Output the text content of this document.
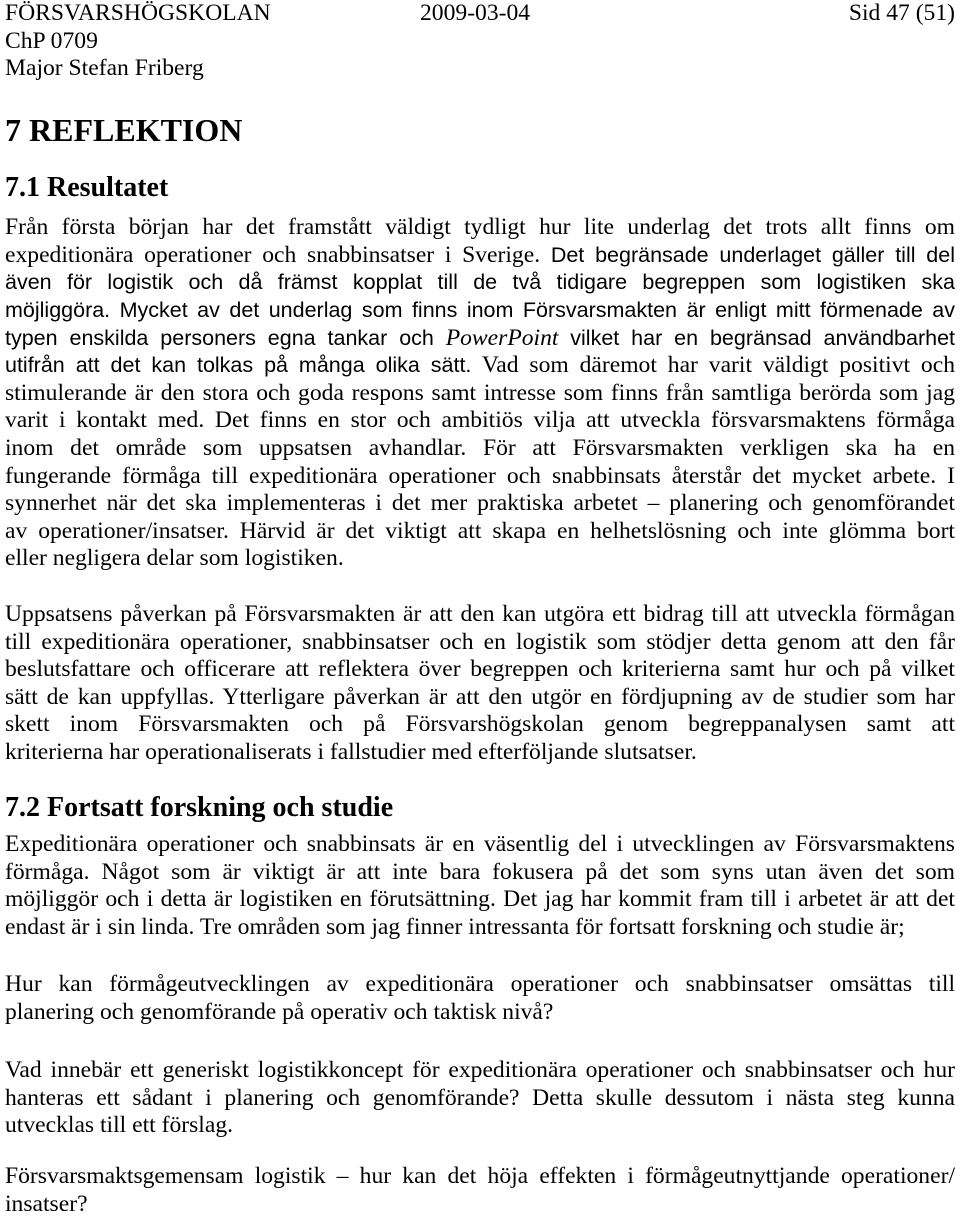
FÖRSVARSHÖGSKOLAN	2009-03-04	Sid 47 (51)
ChP 0709
Major Stefan Friberg
7 REFLEKTION
7.1 Resultatet
Från första början har det framstått väldigt tydligt hur lite underlag det trots allt finns om
expeditionära operationer och snabbinsatser i Sverige. Det begränsade underlaget gäller till del
även för logistik och då främst kopplat till de två tidigare begreppen som logistiken ska
möjliggöra. Mycket av det underlag som finns inom Försvarsmakten är enligt mitt förmenade av
typen enskilda personers egna tankar och PowerPoint vilket har en begränsad användbarhet
utifrån att det kan tolkas på många olika sätt. Vad som däremot har varit väldigt positivt och
stimulerande är den stora och goda respons samt intresse som finns från samtliga berörda som jag
varit i kontakt med. Det finns en stor och ambitiös vilja att utveckla försvarsmaktens förmåga
inom det område som uppsatsen avhandlar. För att Försvarsmakten verkligen ska ha en
fungerande förmåga till expeditionära operationer och snabbinsats återstår det mycket arbete. I
synnerhet när det ska implementeras i det mer praktiska arbetet – planering och genomförandet
av operationer/insatser. Härvid är det viktigt att skapa en helhetslösning och inte glömma bort
eller negligera delar som logistiken.
Uppsatsens påverkan på Försvarsmakten är att den kan utgöra ett bidrag till att utveckla förmågan
till expeditionära operationer, snabbinsatser och en logistik som stödjer detta genom att den får
beslutsfattare och officerare att reflektera över begreppen och kriterierna samt hur och på vilket
sätt de kan uppfyllas. Ytterligare påverkan är att den utgör en fördjupning av de studier som har
skett inom Försvarsmakten och på Försvarshögskolan genom begreppanalysen samt att
kriterierna har operationaliserats i fallstudier med efterföljande slutsatser.
7.2 Fortsatt forskning och studie
Expeditionära operationer och snabbinsats är en väsentlig del i utvecklingen av Försvarsmaktens
förmåga. Något som är viktigt är att inte bara fokusera på det som syns utan även det som
möjliggör och i detta är logistiken en förutsättning. Det jag har kommit fram till i arbetet är att det
endast är i sin linda. Tre områden som jag finner intressanta för fortsatt forskning och studie är;
Hur kan förmågeutvecklingen av expeditionära operationer och snabbinsatser omsättas till
planering och genomförande på operativ och taktisk nivå?
Vad innebär ett generiskt logistikkoncept för expeditionära operationer och snabbinsatser och hur
hanteras ett sådant i planering och genomförande? Detta skulle dessutom i nästa steg kunna
utvecklas till ett förslag.
Försvarsmaktsgemensam logistik – hur kan det höja effekten i förmågeutnyttjande operationer/
insatser?
